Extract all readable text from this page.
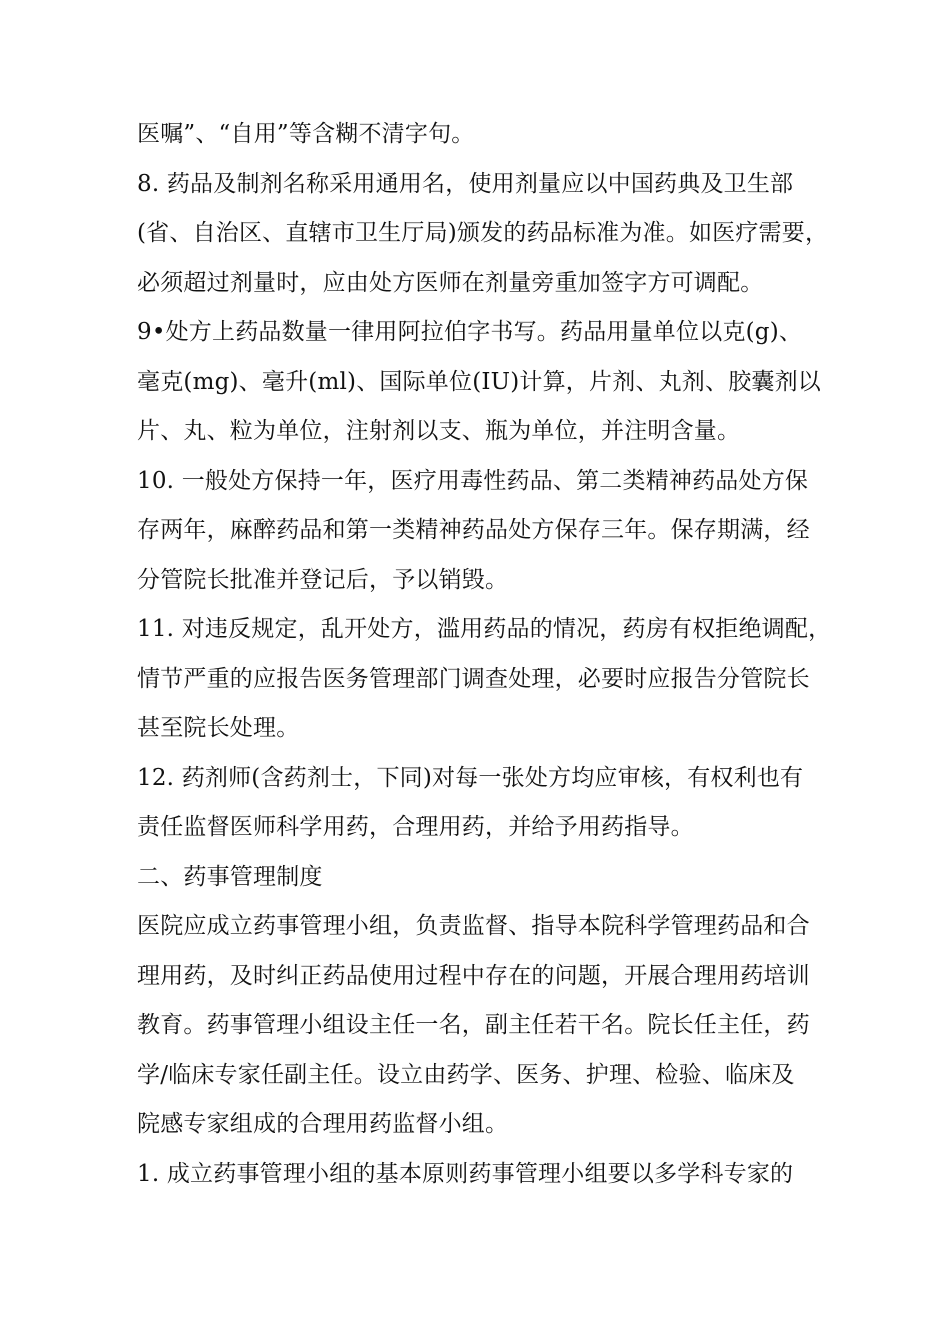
医嘱”、“自用”等含糊不清字句。
8. 药品及制剂名称采用通用名，使用剂量应以中国药典及卫生部
(省、自治区、直辖市卫生厅局)颁发的药品标准为准。如医疗需要，
必须超过剂量时，应由处方医师在剂量旁重加签字方可调配。
9•处方上药品数量一律用阿拉伯字书写。药品用量单位以克(g)、
毫克(mg)、毫升(ml)、国际单位(IU)计算，片剂、丸剂、胶囊剂以
片、丸、粒为单位，注射剂以支、瓶为单位，并注明含量。
10. 一般处方保持一年，医疗用毒性药品、第二类精神药品处方保
存两年，麻醉药品和第一类精神药品处方保存三年。保存期满，经
分管院长批准并登记后，予以销毁。
11. 对违反规定，乱开处方，滥用药品的情况，药房有权拒绝调配，
情节严重的应报告医务管理部门调查处理，必要时应报告分管院长
甚至院长处理。
12. 药剂师(含药剂士，下同)对每一张处方均应审核，有权利也有
责任监督医师科学用药，合理用药，并给予用药指导。
二、药事管理制度
医院应成立药事管理小组，负责监督、指导本院科学管理药品和合
理用药，及时纠正药品使用过程中存在的问题，开展合理用药培训
教育。药事管理小组设主任一名，副主任若干名。院长任主任，药
学/临床专家任副主任。设立由药学、医务、护理、检验、临床及
院感专家组成的合理用药监督小组。
1. 成立药事管理小组的基本原则药事管理小组要以多学科专家的
